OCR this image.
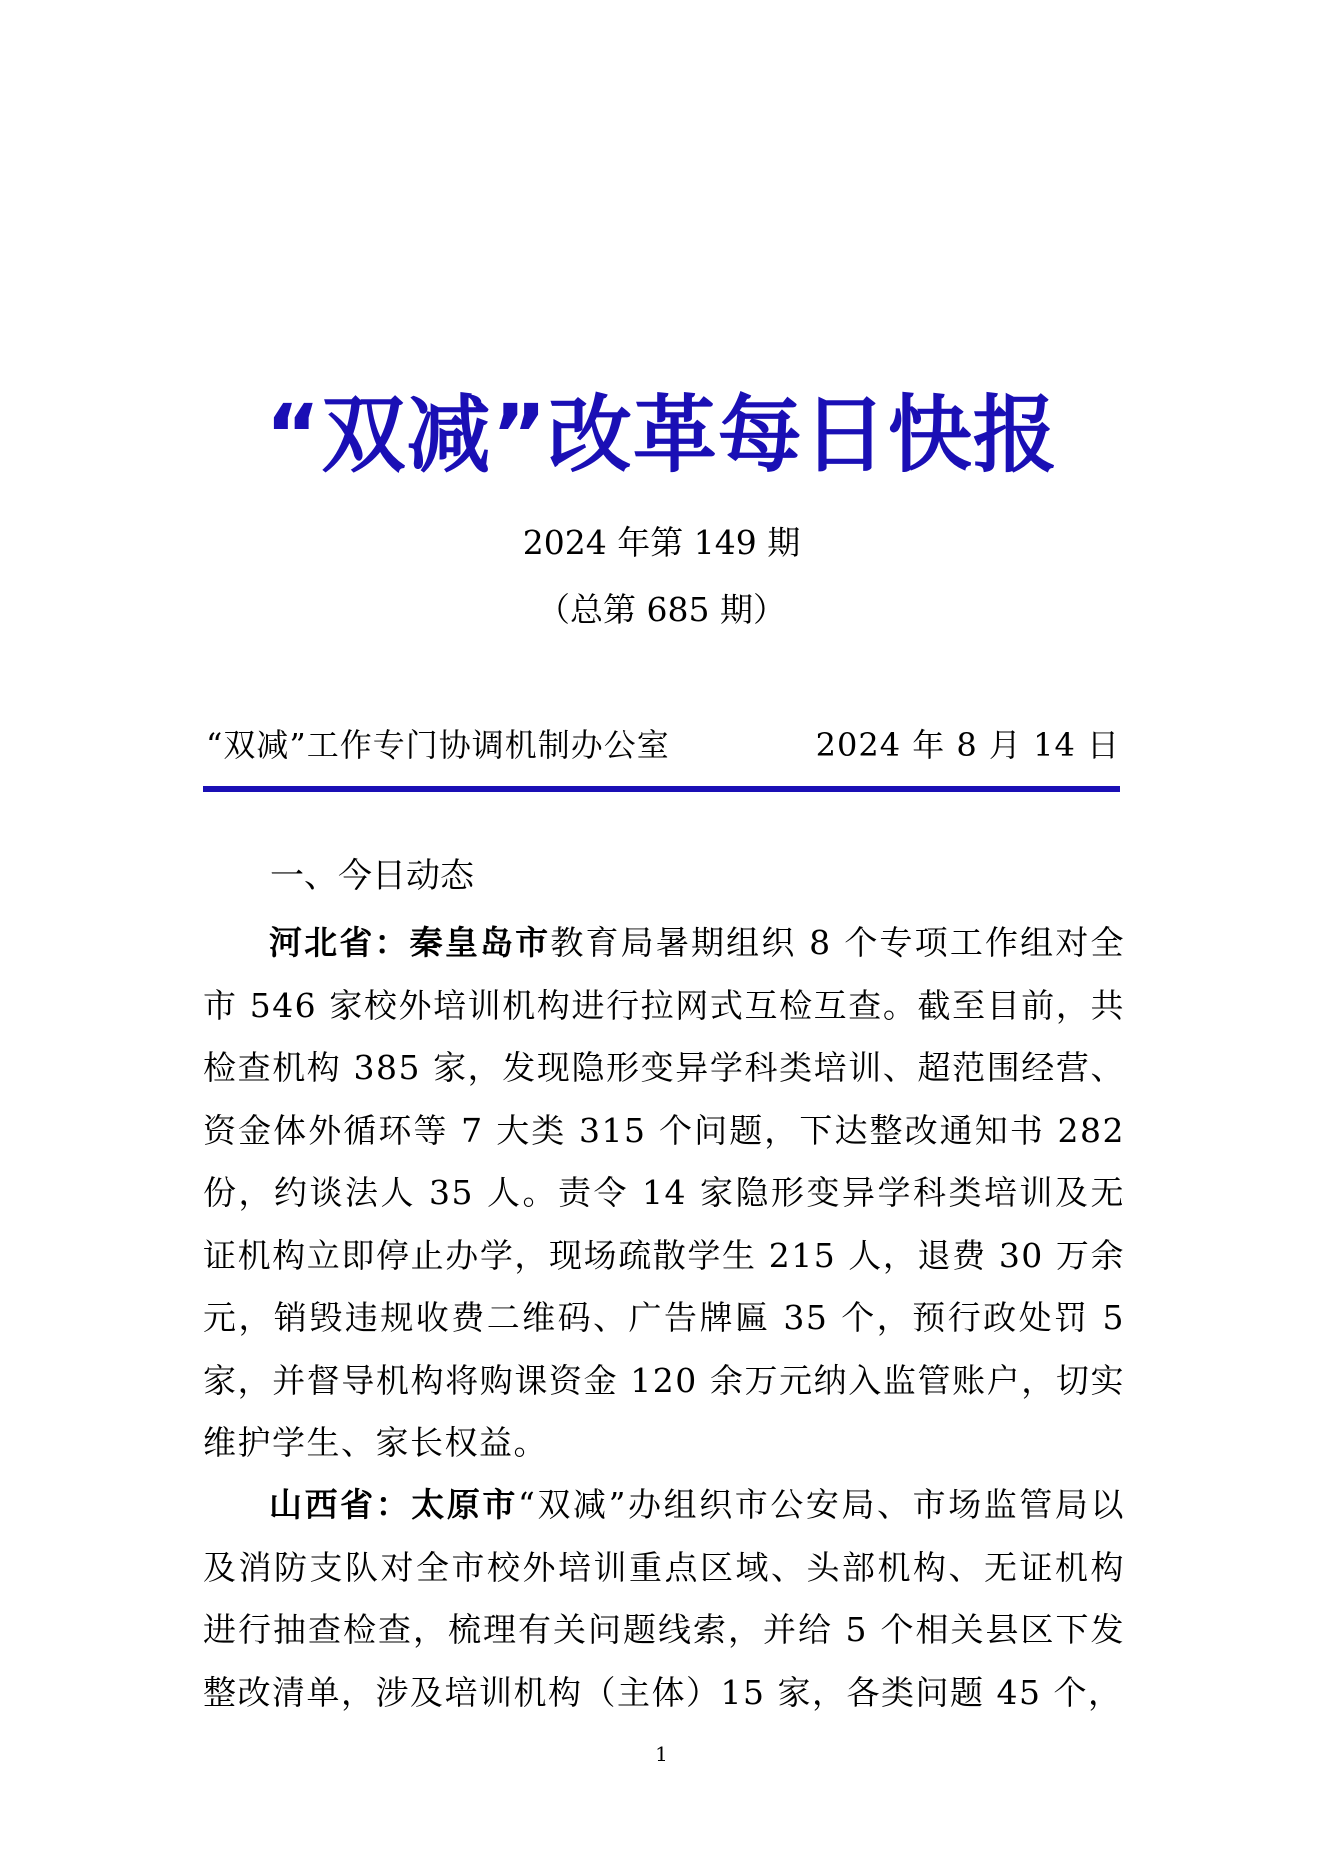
“双减”改革每日快报
2024 年第 149 期
（总第 685 期）
“双减”工作专门协调机制办公室	2024 年 8 月 14 日
一、今日动态

河北省：秦皇岛市教育局暑期组织 8 个专项工作组对全市 546 家校外培训机构进行拉网式互检互查。截至目前，共检查机构 385 家，发现隐形变异学科类培训、超范围经营、资金体外循环等 7 大类 315 个问题，下达整改通知书 282 份，约谈法人 35 人。责令 14 家隐形变异学科类培训及无证机构立即停止办学，现场疏散学生 215 人，退费 30 万余元，销毁违规收费二维码、广告牌匾 35 个，预行政处罚 5 家，并督导机构将购课资金 120 余万元纳入监管账户，切实维护学生、家长权益。

山西省：太原市“双减”办组织市公安局、市场监管局以及消防支队对全市校外培训重点区域、头部机构、无证机构进行抽查检查，梳理有关问题线索，并给 5 个相关县区下发整改清单，涉及培训机构（主体）15 家，各类问题 45 个，

1
